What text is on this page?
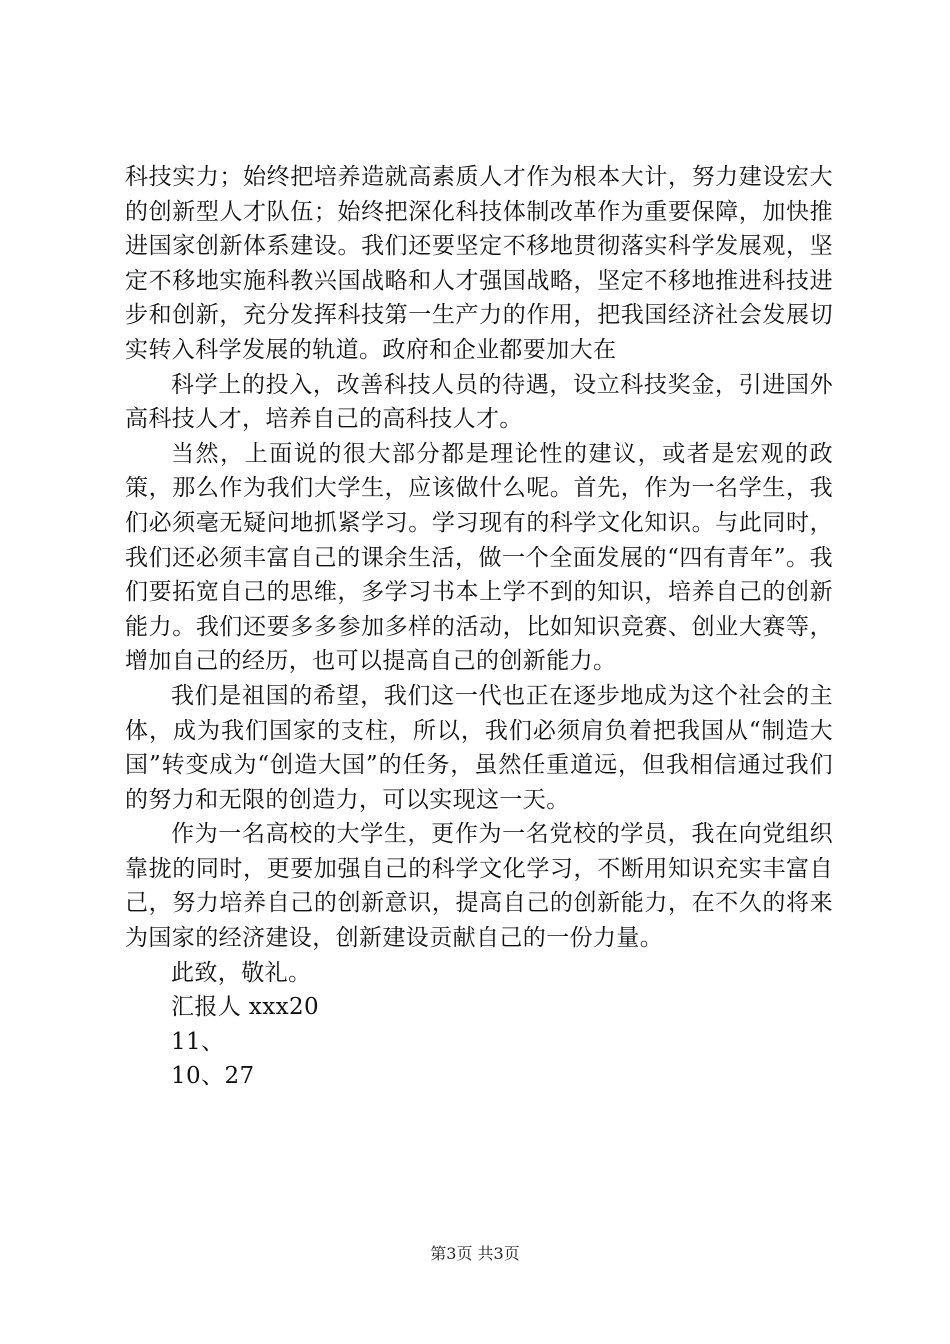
科技实力；始终把培养造就高素质人才作为根本大计，努力建设宏大的创新型人才队伍；始终把深化科技体制改革作为重要保障，加快推进国家创新体系建设。我们还要坚定不移地贯彻落实科学发展观，坚定不移地实施科教兴国战略和人才强国战略，坚定不移地推进科技进步和创新，充分发挥科技第一生产力的作用，把我国经济社会发展切实转入科学发展的轨道。政府和企业都要加大在

科学上的投入，改善科技人员的待遇，设立科技奖金，引进国外高科技人才，培养自己的高科技人才。

当然，上面说的很大部分都是理论性的建议，或者是宏观的政策，那么作为我们大学生，应该做什么呢。首先，作为一名学生，我们必须毫无疑问地抓紧学习。学习现有的科学文化知识。与此同时，我们还必须丰富自己的课余生活，做一个全面发展的“四有青年”。我们要拓宽自己的思维，多学习书本上学不到的知识，培养自己的创新能力。我们还要多多参加多样的活动，比如知识竞赛、创业大赛等，增加自己的经历，也可以提高自己的创新能力。

我们是祖国的希望，我们这一代也正在逐步地成为这个社会的主体，成为我们国家的支柱，所以，我们必须肩负着把我国从“制造大国”转变成为“创造大国”的任务，虽然任重道远，但我相信通过我们的努力和无限的创造力，可以实现这一天。

作为一名高校的大学生，更作为一名党校的学员，我在向党组织靠拢的同时，更要加强自己的科学文化学习，不断用知识充实丰富自己，努力培养自己的创新意识，提高自己的创新能力，在不久的将来为国家的经济建设，创新建设贡献自己的一份力量。

此致，敬礼。

汇报人 xxx20

11、

10、27

第3页 共3页
